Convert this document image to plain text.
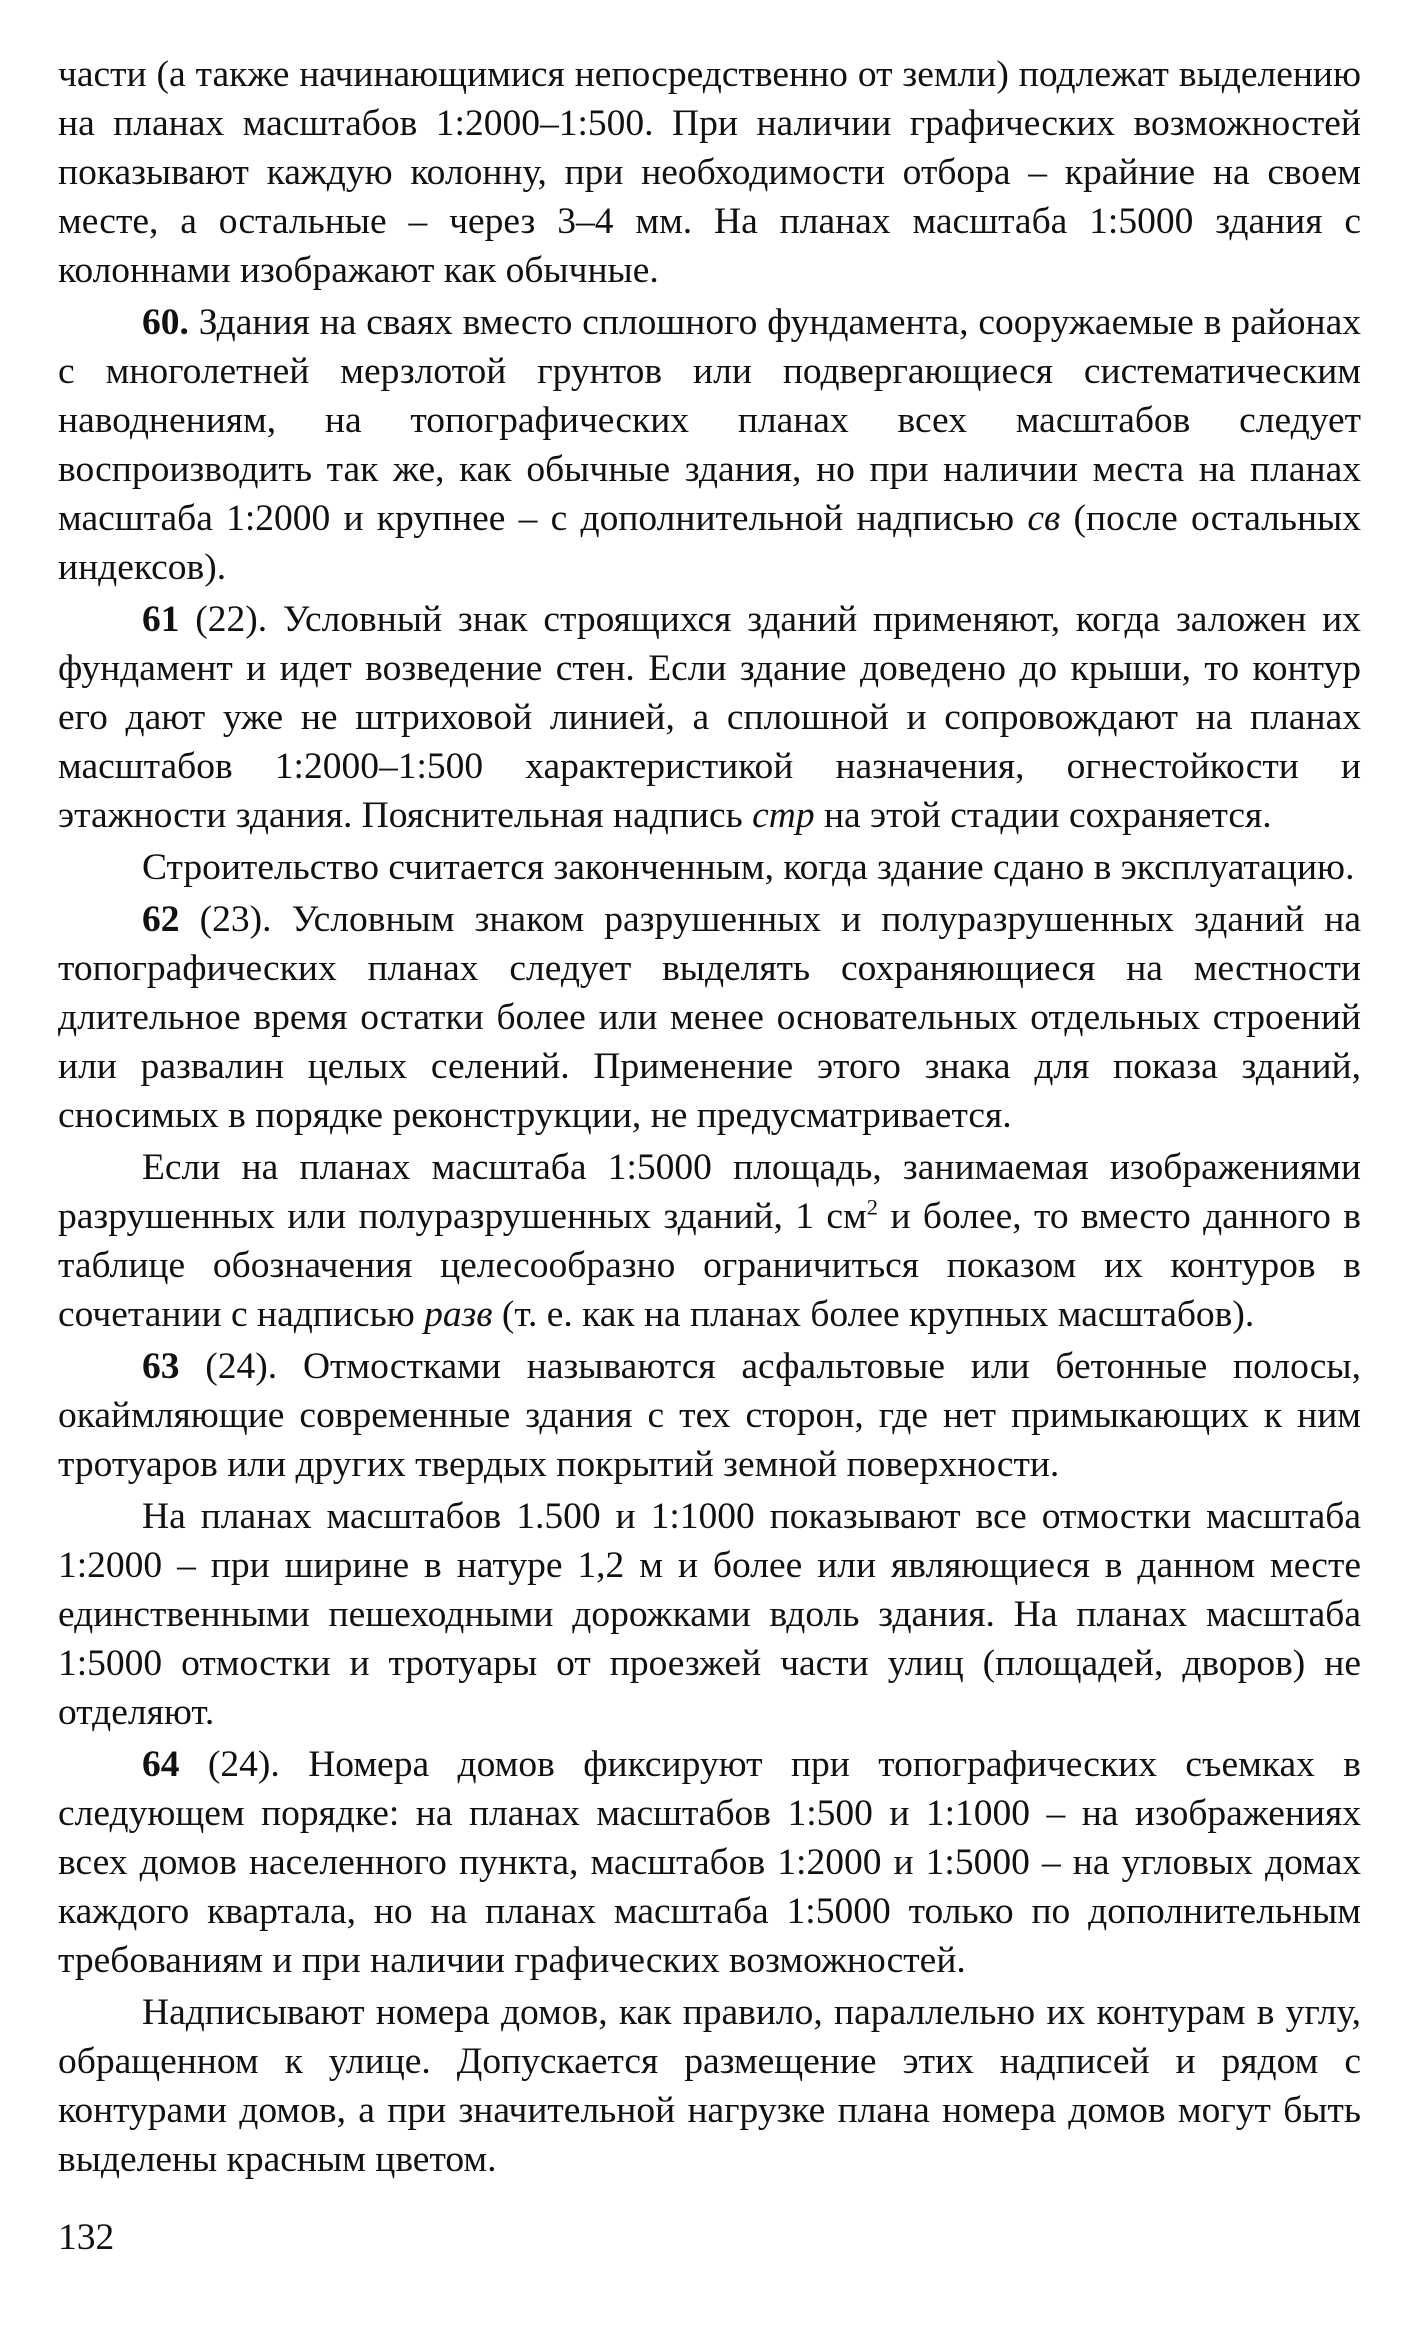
части (а также начинающимися непосредственно от земли) подлежат выделению на планах масштабов 1:2000–1:500. При наличии графических возможностей показывают каждую колонну, при необходимости отбора – крайние на своем месте, а остальные – через 3–4 мм. На планах масштаба 1:5000 здания с колоннами изображают как обычные.

60. Здания на сваях вместо сплошного фундамента, сооружаемые в районах с многолетней мерзлотой грунтов или подвергающиеся систематическим наводнениям, на топографических планах всех масштабов следует воспроизводить так же, как обычные здания, но при наличии места на планах масштаба 1:2000 и крупнее – с дополнительной надписью св (после остальных индексов).

61 (22). Условный знак строящихся зданий применяют, когда заложен их фундамент и идет возведение стен. Если здание доведено до крыши, то контур его дают уже не штриховой линией, а сплошной и сопровождают на планах масштабов 1:2000–1:500 характеристикой назначения, огнестойкости и этажности здания. Пояснительная надпись стр на этой стадии сохраняется.

Строительство считается законченным, когда здание сдано в эксплуатацию.

62 (23). Условным знаком разрушенных и полуразрушенных зданий на топографических планах следует выделять сохраняющиеся на местности длительное время остатки более или менее основательных отдельных строений или развалин целых селений. Применение этого знака для показа зданий, сносимых в порядке реконструкции, не предусматривается.

Если на планах масштаба 1:5000 площадь, занимаемая изображениями разрушенных или полуразрушенных зданий, 1 $см^2$ и более, то вместо данного в таблице обозначения целесообразно ограничиться показом их контуров в сочетании с надписью разв (т. е. как на планах более крупных масштабов).

63 (24). Отмостками называются асфальтовые или бетонные полосы, окаймляющие современные здания с тех сторон, где нет примыкающих к ним тротуаров или других твердых покрытий земной поверхности.

На планах масштабов 1.500 и 1:1000 показывают все отмостки масштаба 1:2000 – при ширине в натуре 1,2 м и более или являющиеся в данном месте единственными пешеходными дорожками вдоль здания. На планах масштаба 1:5000 отмостки и тротуары от проезжей части улиц (площадей, дворов) не отделяют.

64 (24). Номера домов фиксируют при топографических съемках в следующем порядке: на планах масштабов 1:500 и 1:1000 – на изображениях всех домов населенного пункта, масштабов 1:2000 и 1:5000 – на угловых домах каждого квартала, но на планах масштаба 1:5000 только по дополнительным требованиям и при наличии графических возможностей.

Надписывают номера домов, как правило, параллельно их контурам в углу, обращенном к улице. Допускается размещение этих надписей и рядом с контурами домов, а при значительной нагрузке плана номера домов могут быть выделены красным цветом.

132
